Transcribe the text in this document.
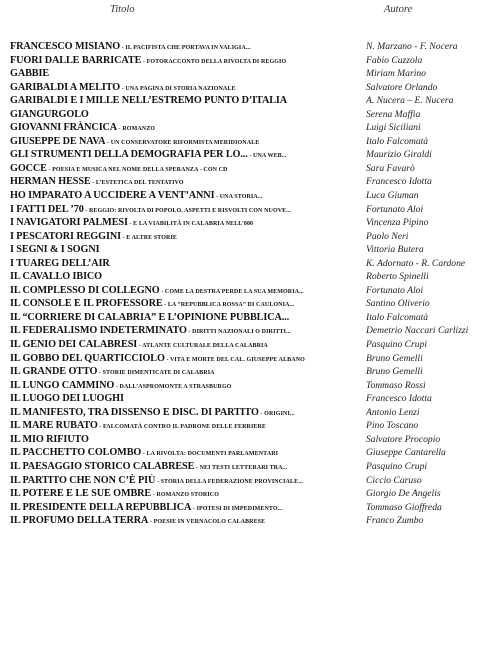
Titolo	Autore
FRANCESCO MISIANO - IL PACIFISTA CHE PORTAVA IN VALIGIA...	N. Marzano - F. Nocera
FUORI DALLE BARRICATE - FOTORACCONTO DELLA RIVOLTA DI REGGIO	Fabio Cuzzola
GABBIE	Miriam Marino
GARIBALDI A MELITO - UNA PAGINA DI STORIA NAZIONALE	Salvatore Orlando
GARIBALDI E I MILLE NELL’ESTREMO PUNTO D’ITALIA	A. Nucera – E. Nucera
GIANGURGOLO	Serena Maffia
GIOVANNI FRÀNCICA - ROMANZO	Luigi Siciliani
GIUSEPPE DE NAVA - UN CONSERVATORE RIFORMISTA MERIDIONALE	Italo Falcomatà
GLI STRUMENTI DELLA DEMOGRAFIA PER LO... - UNA WEB...	Maurizio Giraldi
GOCCE - POESIA E MUSICA NEL NOME DELLA SPERANZA - CON CD	Sara Favarò
HERMAN HESSE - L’ESTETICA DEL TENTATIVO	Francesco Idotta
HO IMPARATO A UCCIDERE A VENT’ANNI - UNA STORIA...	Luca Giuman
I FATTI DEL ’70 - REGGIO: RIVOLTA DI POPOLO. ASPETTI E RISVOLTI CON NUOVE...	Fortunato Aloi
I NAVIGATORI PALMESI - E LA VIABILITÀ IN CALABRIA NELL’800	Vincenza Pipino
I PESCATORI REGGINI - E ALTRE STORIE	Paolo Neri
I SEGNI & I SOGNI	Vittoria Butera
I TUAREG DELL’AIR	K. Adornato - R. Cardone
IL CAVALLO IBICO	Roberto Spinelli
IL COMPLESSO DI COLLEGNO - COME LA DESTRA PERDE LA SUA MEMORIA...	Fortunato Aloi
IL CONSOLE E IL PROFESSORE - LA “REPUBBLICA ROSSA” DI CAULONIA...	Santino Oliverio
IL “CORRIERE DI CALABRIA” E L’OPINIONE PUBBLICA...	Italo Falcomatà
IL FEDERALISMO INDETERMINATO - DIRITTI NAZIONALI O DIRITTI...	Demetrio Naccari Carlizzi
IL GENIO DEI CALABRESI - ATLANTE CULTURALE DELLA CALABRIA	Pasquino Crupi
IL GOBBO DEL QUARTICCIOLO - VITA E MORTE DEL CAL. GIUSEPPE ALBANO	Bruno Gemelli
IL GRANDE OTTO - STORIE DIMENTICATE DI CALABRIA	Bruno Gemelli
IL LUNGO CAMMINO - DALL’ASPROMONTE A STRASBURGO	Tommaso Rossi
IL LUOGO DEI LUOGHI	Francesco Idotta
IL MANIFESTO, TRA DISSENSO E DISC. DI PARTITO - ORIGINI...	Antonio Lenzi
IL MARE RUBATO - FALCOMATÀ CONTRO IL PADRONE DELLE FERRIERE	Pino Toscano
IL MIO RIFIUTO	Salvatore Procopio
IL PACCHETTO COLOMBO - LA RIVOLTA: DOCUMENTI PARLAMENTARI	Giuseppe Cantarella
IL PAESAGGIO STORICO CALABRESE - NEI TESTI LETTERARI TRA...	Pasquino Crupi
IL PARTITO CHE NON C’È PIÙ - STORIA DELLA FEDERAZIONE PROVINCIALE...	Ciccio Caruso
IL POTERE E LE SUE OMBRE - ROMANZO STORICO	Giorgio De Angelis
IL PRESIDENTE DELLA REPUBBLICA - IPOTESI DI IMPEDIMENTO...	Tommaso Gioffreda
IL PROFUMO DELLA TERRA - POESIE IN VERNACOLO CALABRESE	Franco Zumbo
